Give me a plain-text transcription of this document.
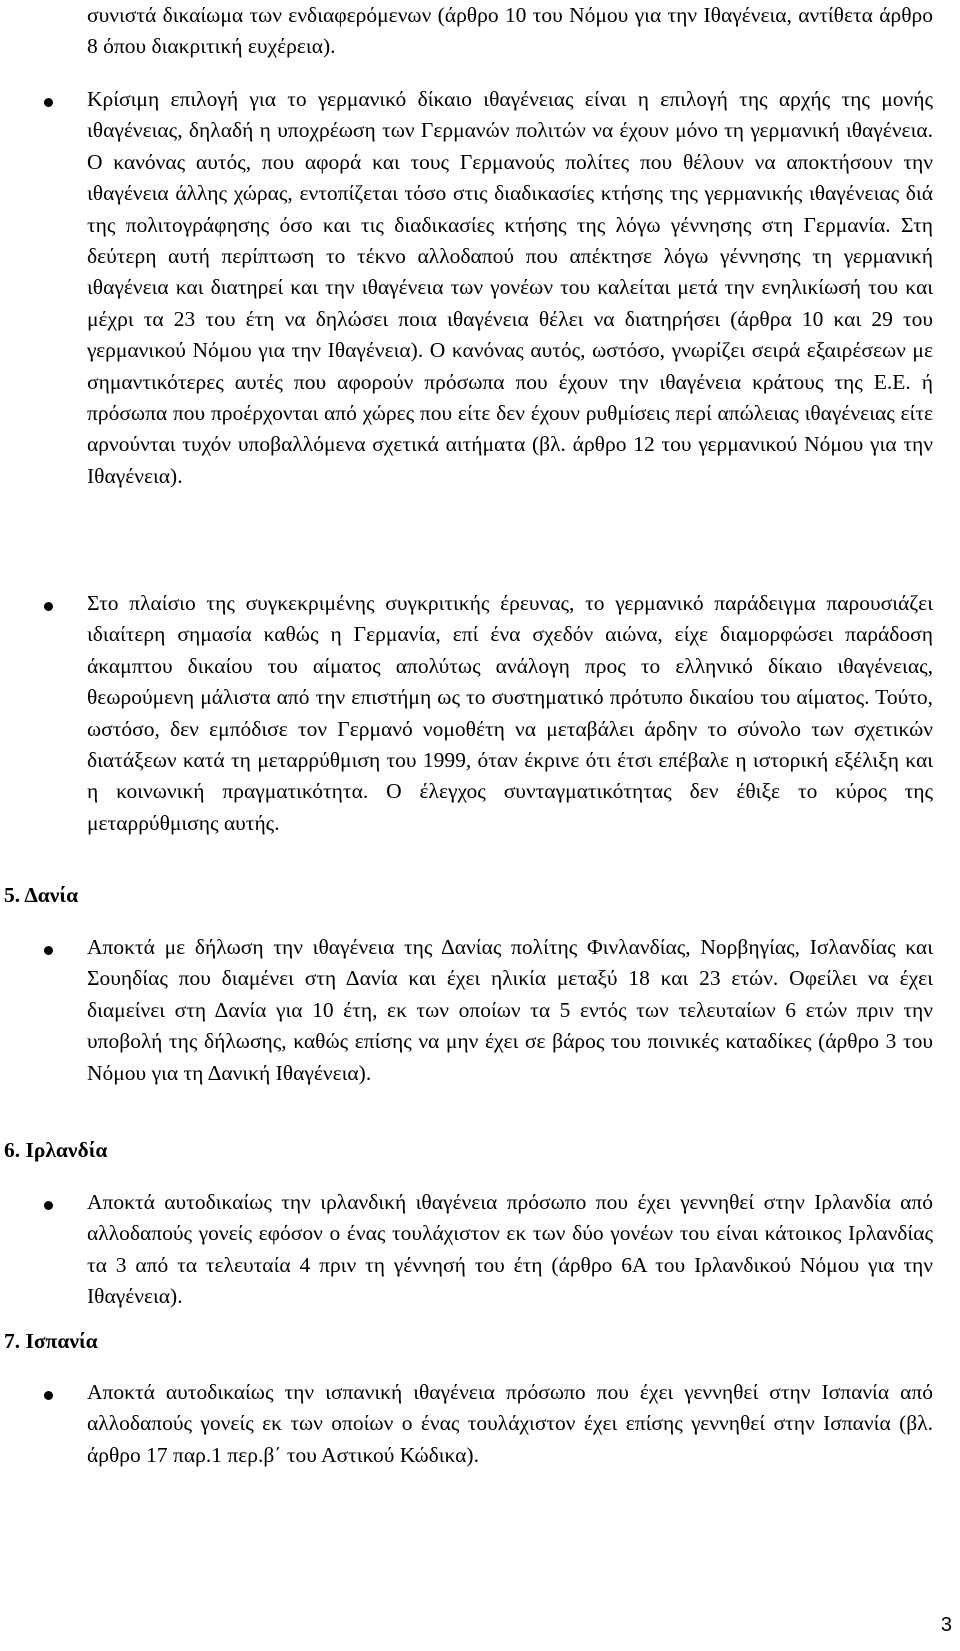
συνιστά δικαίωμα των ενδιαφερόμενων (άρθρο 10 του Νόμου για την Ιθαγένεια, αντίθετα άρθρο 8 όπου διακριτική ευχέρεια).

Κρίσιμη επιλογή για το γερμανικό δίκαιο ιθαγένειας είναι η επιλογή της αρχής της μονής ιθαγένειας, δηλαδή η υποχρέωση των Γερμανών πολιτών να έχουν μόνο τη γερμανική ιθαγένεια. Ο κανόνας αυτός, που αφορά και τους Γερμανούς πολίτες που θέλουν να αποκτήσουν την ιθαγένεια άλλης χώρας, εντοπίζεται τόσο στις διαδικασίες κτήσης της γερμανικής ιθαγένειας διά της πολιτογράφησης όσο και τις διαδικασίες κτήσης της λόγω γέννησης στη Γερμανία. Στη δεύτερη αυτή περίπτωση το τέκνο αλλοδαπού που απέκτησε λόγω γέννησης τη γερμανική ιθαγένεια και διατηρεί και την ιθαγένεια των γονέων του καλείται μετά την ενηλικίωσή του και μέχρι τα 23 του έτη να δηλώσει ποια ιθαγένεια θέλει να διατηρήσει (άρθρα 10 και 29 του γερμανικού Νόμου για την Ιθαγένεια). Ο κανόνας αυτός, ωστόσο, γνωρίζει σειρά εξαιρέσεων με σημαντικότερες αυτές που αφορούν πρόσωπα που έχουν την ιθαγένεια κράτους της Ε.Ε. ή πρόσωπα που προέρχονται από χώρες που είτε δεν έχουν ρυθμίσεις περί απώλειας ιθαγένειας είτε αρνούνται τυχόν υποβαλλόμενα σχετικά αιτήματα (βλ. άρθρο 12 του γερμανικού Νόμου για την Ιθαγένεια).

Στο πλαίσιο της συγκεκριμένης συγκριτικής έρευνας, το γερμανικό παράδειγμα παρουσιάζει ιδιαίτερη σημασία καθώς η Γερμανία, επί ένα σχεδόν αιώνα, είχε διαμορφώσει παράδοση άκαμπτου δικαίου του αίματος απολύτως ανάλογη προς το ελληνικό δίκαιο ιθαγένειας, θεωρούμενη μάλιστα από την επιστήμη ως το συστηματικό πρότυπο δικαίου του αίματος. Τούτο, ωστόσο, δεν εμπόδισε τον Γερμανό νομοθέτη να μεταβάλει άρδην το σύνολο των σχετικών διατάξεων κατά τη μεταρρύθμιση του 1999, όταν έκρινε ότι έτσι επέβαλε η ιστορική εξέλιξη και η κοινωνική πραγματικότητα. Ο έλεγχος συνταγματικότητας δεν έθιξε το κύρος της μεταρρύθμισης αυτής.

5. Δανία

Αποκτά με δήλωση την ιθαγένεια της Δανίας πολίτης Φινλανδίας, Νορβηγίας, Ισλανδίας και Σουηδίας που διαμένει στη Δανία και έχει ηλικία μεταξύ 18 και 23 ετών. Οφείλει να έχει διαμείνει στη Δανία για 10 έτη, εκ των οποίων τα 5 εντός των τελευταίων 6 ετών πριν την υποβολή της δήλωσης, καθώς επίσης να μην έχει σε βάρος του ποινικές καταδίκες (άρθρο 3 του Νόμου για τη Δανική Ιθαγένεια).

6. Ιρλανδία

Αποκτά αυτοδικαίως την ιρλανδική ιθαγένεια πρόσωπο που έχει γεννηθεί στην Ιρλανδία από αλλοδαπούς γονείς εφόσον ο ένας τουλάχιστον εκ των δύο γονέων του είναι κάτοικος Ιρλανδίας τα 3 από τα τελευταία 4 πριν τη γέννησή του έτη (άρθρο 6Α του Ιρλανδικού Νόμου για την Ιθαγένεια).

7. Ισπανία

Αποκτά αυτοδικαίως την ισπανική ιθαγένεια πρόσωπο που έχει γεννηθεί στην Ισπανία από αλλοδαπούς γονείς εκ των οποίων ο ένας τουλάχιστον έχει επίσης γεννηθεί στην Ισπανία (βλ. άρθρο 17 παρ.1 περ.β΄ του Αστικού Κώδικα).

3
